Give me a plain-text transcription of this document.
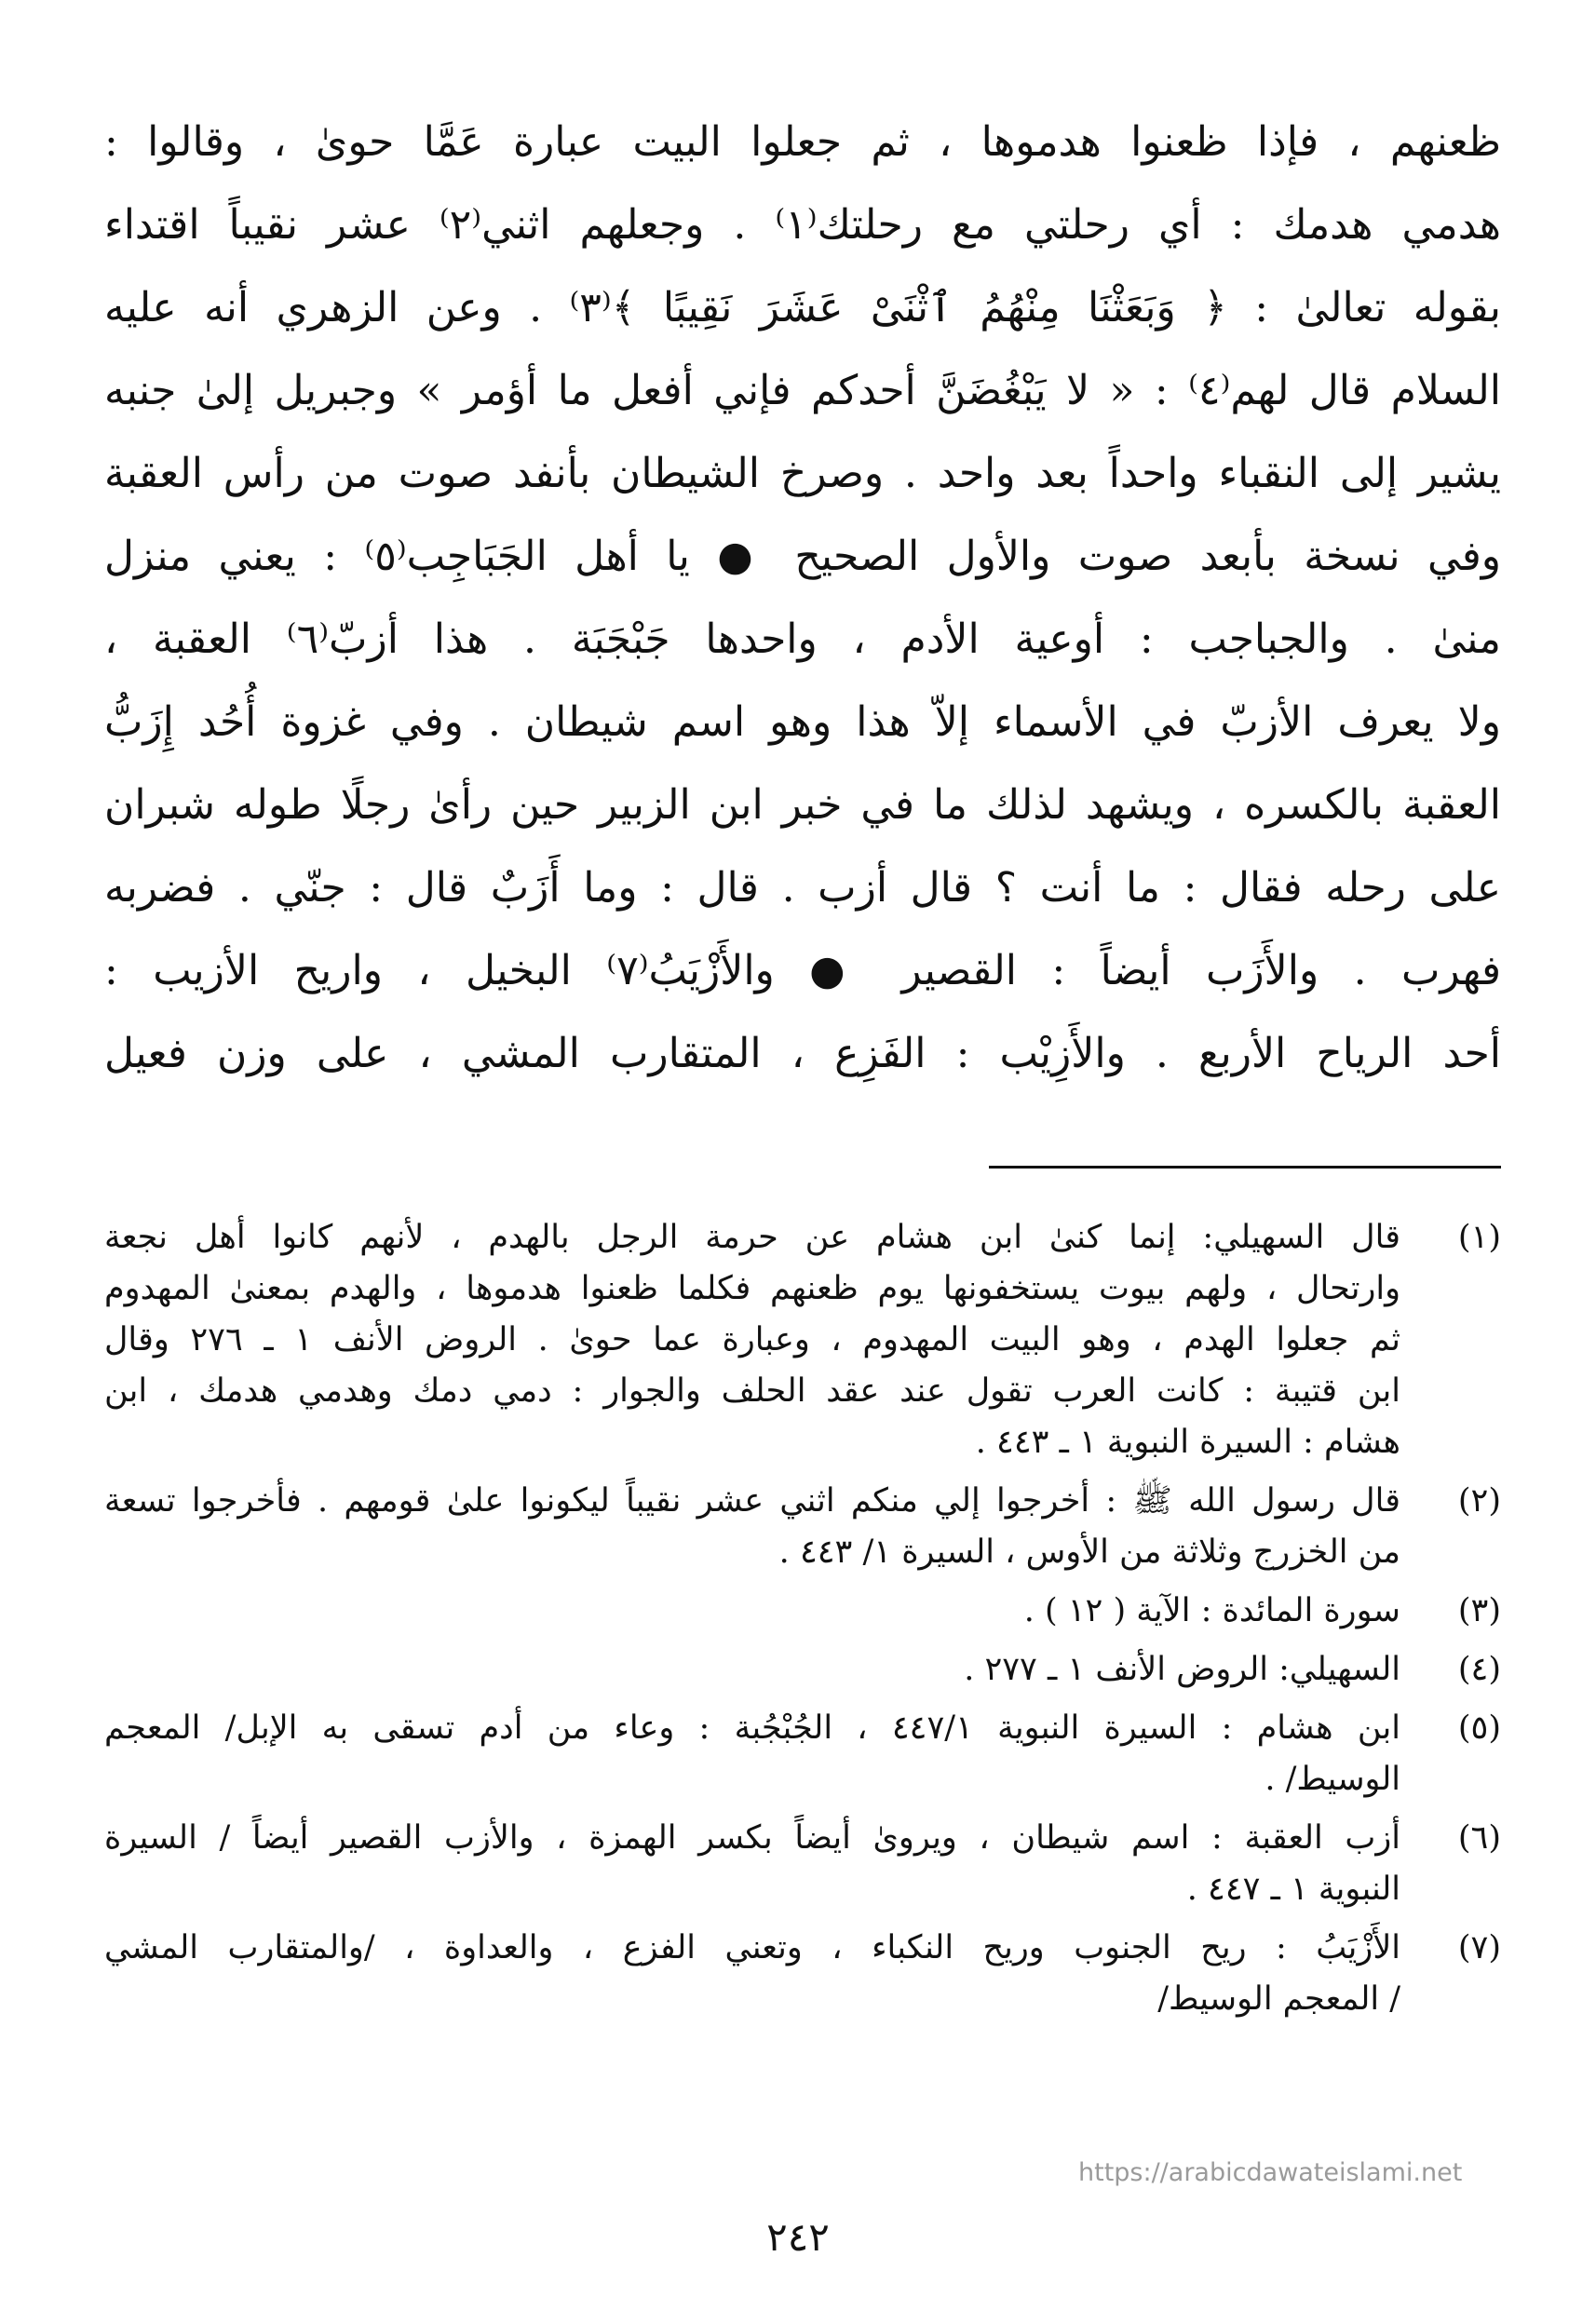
ظعنهم ، فإذا ظعنوا هدموها ، ثم جعلوا البيت عبارة عَمَّا حوىٰ ، وقالوا :
هدمي هدمك : أي رحلتي مع رحلتك⁽١⁾ . وجعلهم اثني⁽٢⁾ عشر نقيباً اقتداء
بقوله تعالىٰ : ﴿ وَبَعَثْنَا مِنْهُمُ ٱثْنَىْ عَشَرَ نَقِيبًا ﴾⁽٣⁾ . وعن الزهري أنه عليه
السلام قال لهم⁽٤⁾ : « لا يَبْغُضَنَّ أحدكم فإني أفعل ما أؤمر » وجبريل إلىٰ جنبه
يشير إلى النقباء واحداً بعد واحد . وصرخ الشيطان بأنفد صوت من رأس العقبة
وفي نسخة بأبعد صوت والأول الصحيح ● يا أهل الجَبَاجِب⁽٥⁾ : يعني منزل
منىٰ . والجباجب : أوعية الأدم ، واحدها جَبْجَبَة . هذا أزبّ⁽٦⁾ العقبة ،
ولا يعرف الأزبّ في الأسماء إلاّ هذا وهو اسم شيطان . وفي غزوة أُحُد إِزَبُّ
العقبة بالكسره ، ويشهد لذلك ما في خبر ابن الزبير حين رأىٰ رجلًا طوله شبران
على رحله فقال : ما أنت ؟ قال أزب . قال : وما أَزَبٌ قال : جنّي . فضربه
فهرب . والأَزَب أيضاً : القصير ● والأَزْيَبُ⁽٧⁾ البخيل ، واريح الأزيب :
أحد الرياح الأربع . والأَزِيْب : الفَزِع ، المتقارب المشي ، على وزن فعيل
(١)
قال السهيلي: إنما كنىٰ ابن هشام عن حرمة الرجل بالهدم ، لأنهم كانوا أهل نجعة
وارتحال ، ولهم بيوت يستخفونها يوم ظعنهم فكلما ظعنوا هدموها ، والهدم بمعنىٰ المهدوم
ثم جعلوا الهدم ، وهو البيت المهدوم ، وعبارة عما حوىٰ . الروض الأنف ١ ـ ٢٧٦ وقال
ابن قتيبة : كانت العرب تقول عند عقد الحلف والجوار : دمي دمك وهدمي هدمك ، ابن
هشام : السيرة النبوية ١ ـ ٤٤٣ .
(٢)
قال رسول الله ﷺ : أخرجوا إلي منكم اثني عشر نقيباً ليكونوا علىٰ قومهم . فأخرجوا تسعة
من الخزرج وثلاثة من الأوس ، السيرة ١/ ٤٤٣ .
(٣)
سورة المائدة : الآية ( ١٢ ) .
(٤)
السهيلي: الروض الأنف ١ ـ ٢٧٧ .
(٥)
ابن هشام : السيرة النبوية ٤٤٧/١ ، الجُبْجُبة : وعاء من أدم تسقى به الإبل/ المعجم
الوسيط/ .
(٦)
أزب العقبة : اسم شيطان ، ويروىٰ أيضاً بكسر الهمزة ، والأزب القصير أيضاً / السيرة
النبوية ١ ـ ٤٤٧ .
(٧)
الأَزْيَبُ : ريح الجنوب وريح النكباء ، وتعني الفزع ، والعداوة ، /والمتقارب المشي
/ المعجم الوسيط/
https://arabicdawateislami.net
٢٤٢
